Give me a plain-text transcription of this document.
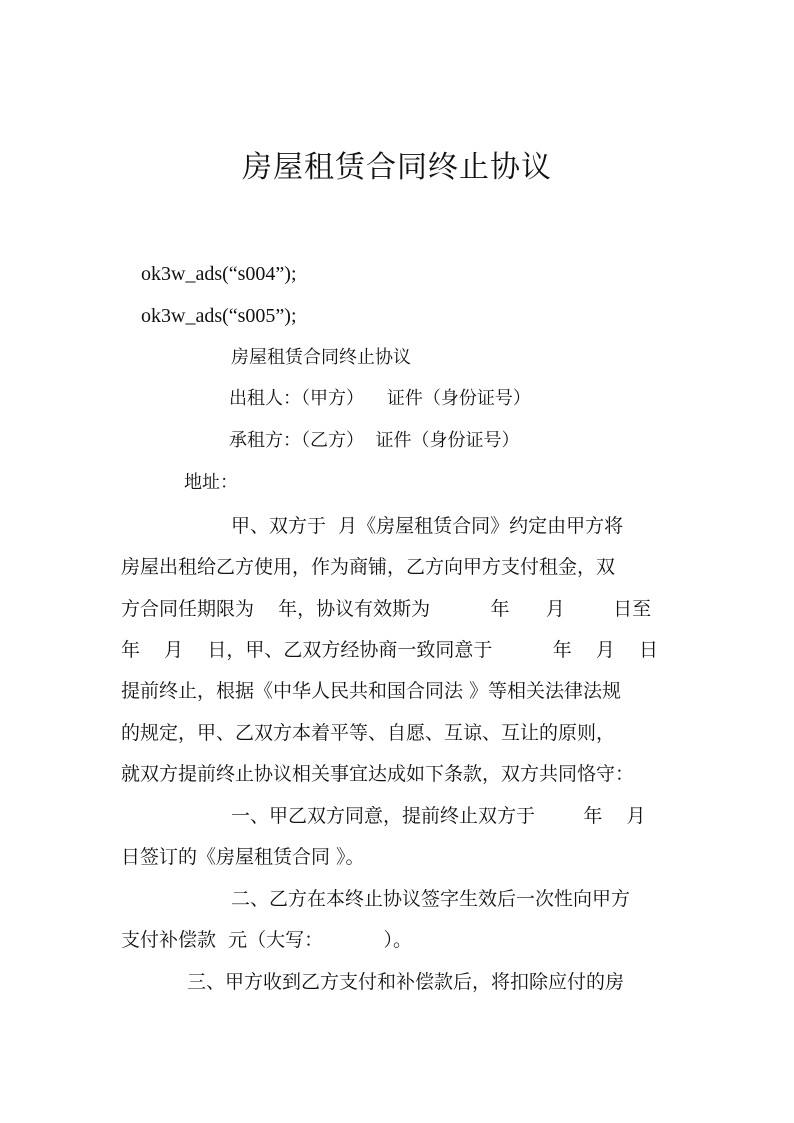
房屋租赁合同终止协议
ok3w_ads(“s004”);
ok3w_ads(“s005”);
房屋租赁合同终止协议
出租人：（甲方）    证件（身份证号）
承租方：（乙方）  证件（身份证号）
地址：
甲、双方于  月《房屋租赁合同》约定由甲方将
房屋出租给乙方使用，作为商铺，乙方向甲方支付租金，双
方合同任期限为    年，协议有效斯为          年      月        日至
年    月    日，甲、乙双方经协商一致同意于          年    月    日
提前终止，根据《中华人民共和国合同法 》等相关法律法规
的规定，甲、乙双方本着平等、自愿、互谅、互让的原则，
就双方提前终止协议相关事宜达成如下条款，双方共同恪守：
一、甲乙双方同意，提前终止双方于        年    月
日签订的《房屋租赁合同 》。
二、乙方在本终止协议签字生效后一次性向甲方
支付补偿款  元（大写：          ）。
三、甲方收到乙方支付和补偿款后，将扣除应付的房
